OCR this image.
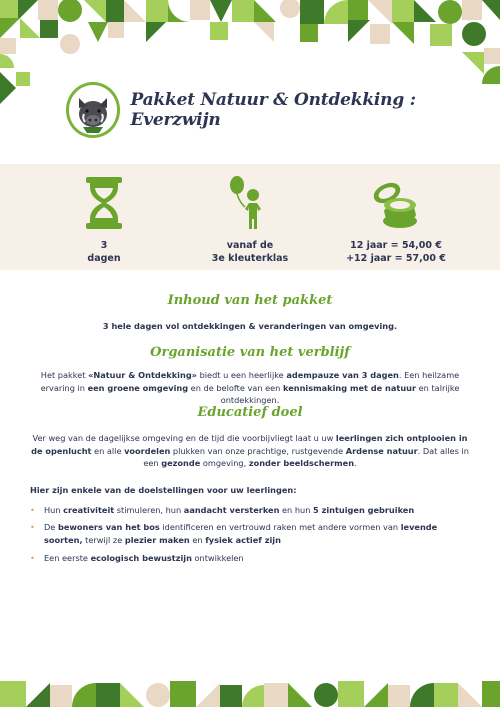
Pakket Natuur & Ontdekking : Everzwijn
3
dagen
vanaf de
3e kleuterklas
12 jaar = 54,00 €
+12 jaar = 57,00 €
Inhoud van het pakket
3 hele dagen vol ontdekkingen & veranderingen van omgeving.
Organisatie van het verblijf
Het pakket «Natuur & Ontdekking» biedt u een heerlijke adempauze van 3 dagen. Een heilzame ervaring in een groene omgeving en de belofte van een kennismaking met de natuur en talrijke ontdekkingen.
Educatief doel
Ver weg van de dagelijkse omgeving en de tijd die voorbijvliegt laat u uw leerlingen zich ontplooien in de openlucht en alle voordelen plukken van onze prachtige, rustgevende Ardense natuur. Dat alles in een gezonde omgeving, zonder beeldschermen.
Hier zijn enkele van de doelstellingen voor uw leerlingen:
• Hun creativiteit stimuleren, hun aandacht versterken en hun 5 zintuigen gebruiken
• De bewoners van het bos identificeren en vertrouwd raken met andere vormen van levende soorten, terwijl ze plezier maken en fysiek actief zijn
• Een eerste ecologisch bewustzijn ontwikkelen
